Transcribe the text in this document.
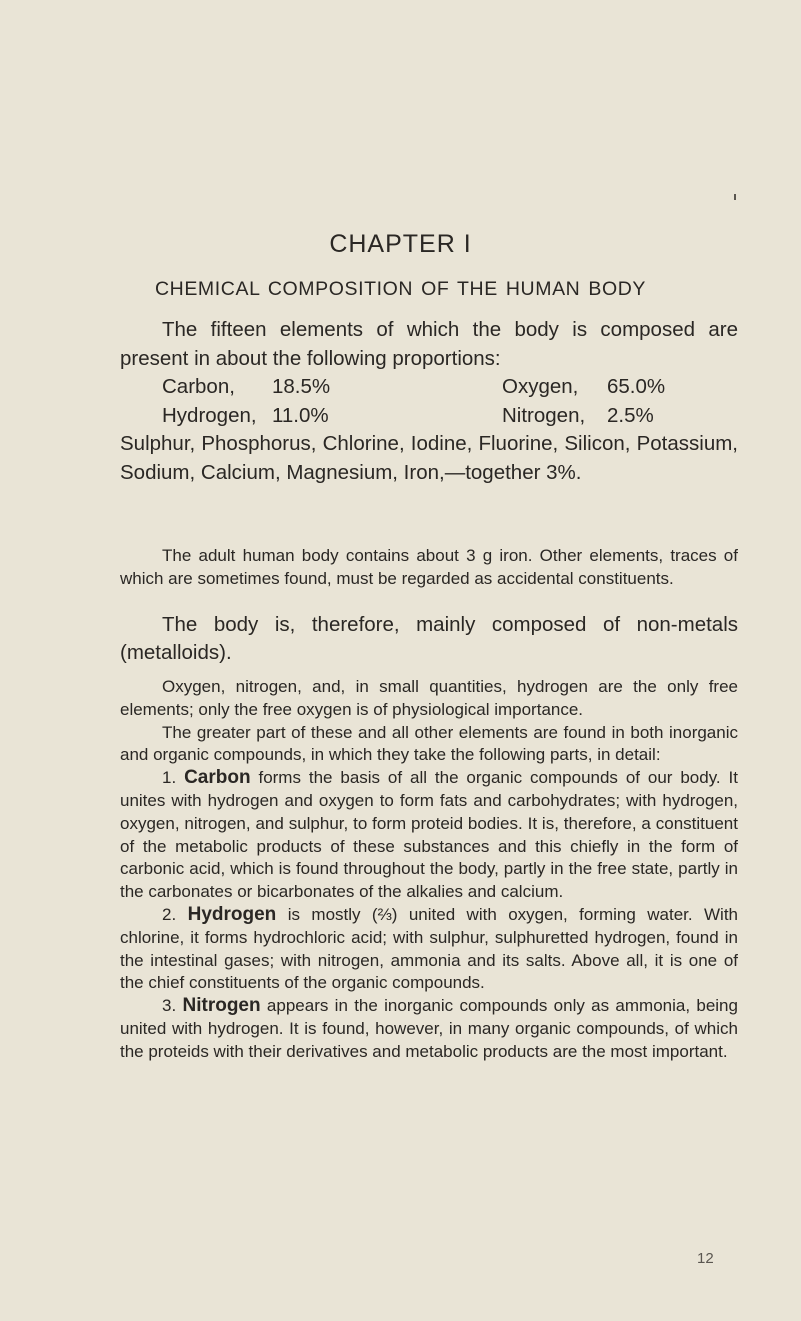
CHAPTER I
CHEMICAL COMPOSITION OF THE HUMAN BODY

The fifteen elements of which the body is composed are present in about the following proportions:

Carbon,	18.5%	Oxygen,	65.0%
Hydrogen, 11.0%	Nitrogen,	2.5%

Sulphur, Phosphorus, Chlorine, Iodine, Fluorine, Silicon, Potassium, Sodium, Calcium, Magnesium, Iron,—together 3%.

The adult human body contains about 3 g iron. Other elements, traces of which are sometimes found, must be regarded as accidental constituents.

The body is, therefore, mainly composed of non-metals (metalloids).

Oxygen, nitrogen, and, in small quantities, hydrogen are the only free elements; only the free oxygen is of physiological importance.

The greater part of these and all other elements are found in both inorganic and organic compounds, in which they take the following parts, in detail:

1. Carbon forms the basis of all the organic compounds of our body. It unites with hydrogen and oxygen to form fats and carbohydrates; with hydrogen, oxygen, nitrogen, and sulphur, to form proteid bodies. It is, therefore, a constituent of the metabolic products of these substances and this chiefly in the form of carbonic acid, which is found throughout the body, partly in the free state, partly in the carbonates or bicarbonates of the alkalies and calcium.

2. Hydrogen is mostly (⅔) united with oxygen, forming water. With chlorine, it forms hydrochloric acid; with sulphur, sulphuretted hydrogen, found in the intestinal gases; with nitrogen, ammonia and its salts. Above all, it is one of the chief constituents of the organic compounds.

3. Nitrogen appears in the inorganic compounds only as ammonia, being united with hydrogen. It is found, however, in many organic compounds, of which the proteids with their derivatives and metabolic products are the most important.

12
